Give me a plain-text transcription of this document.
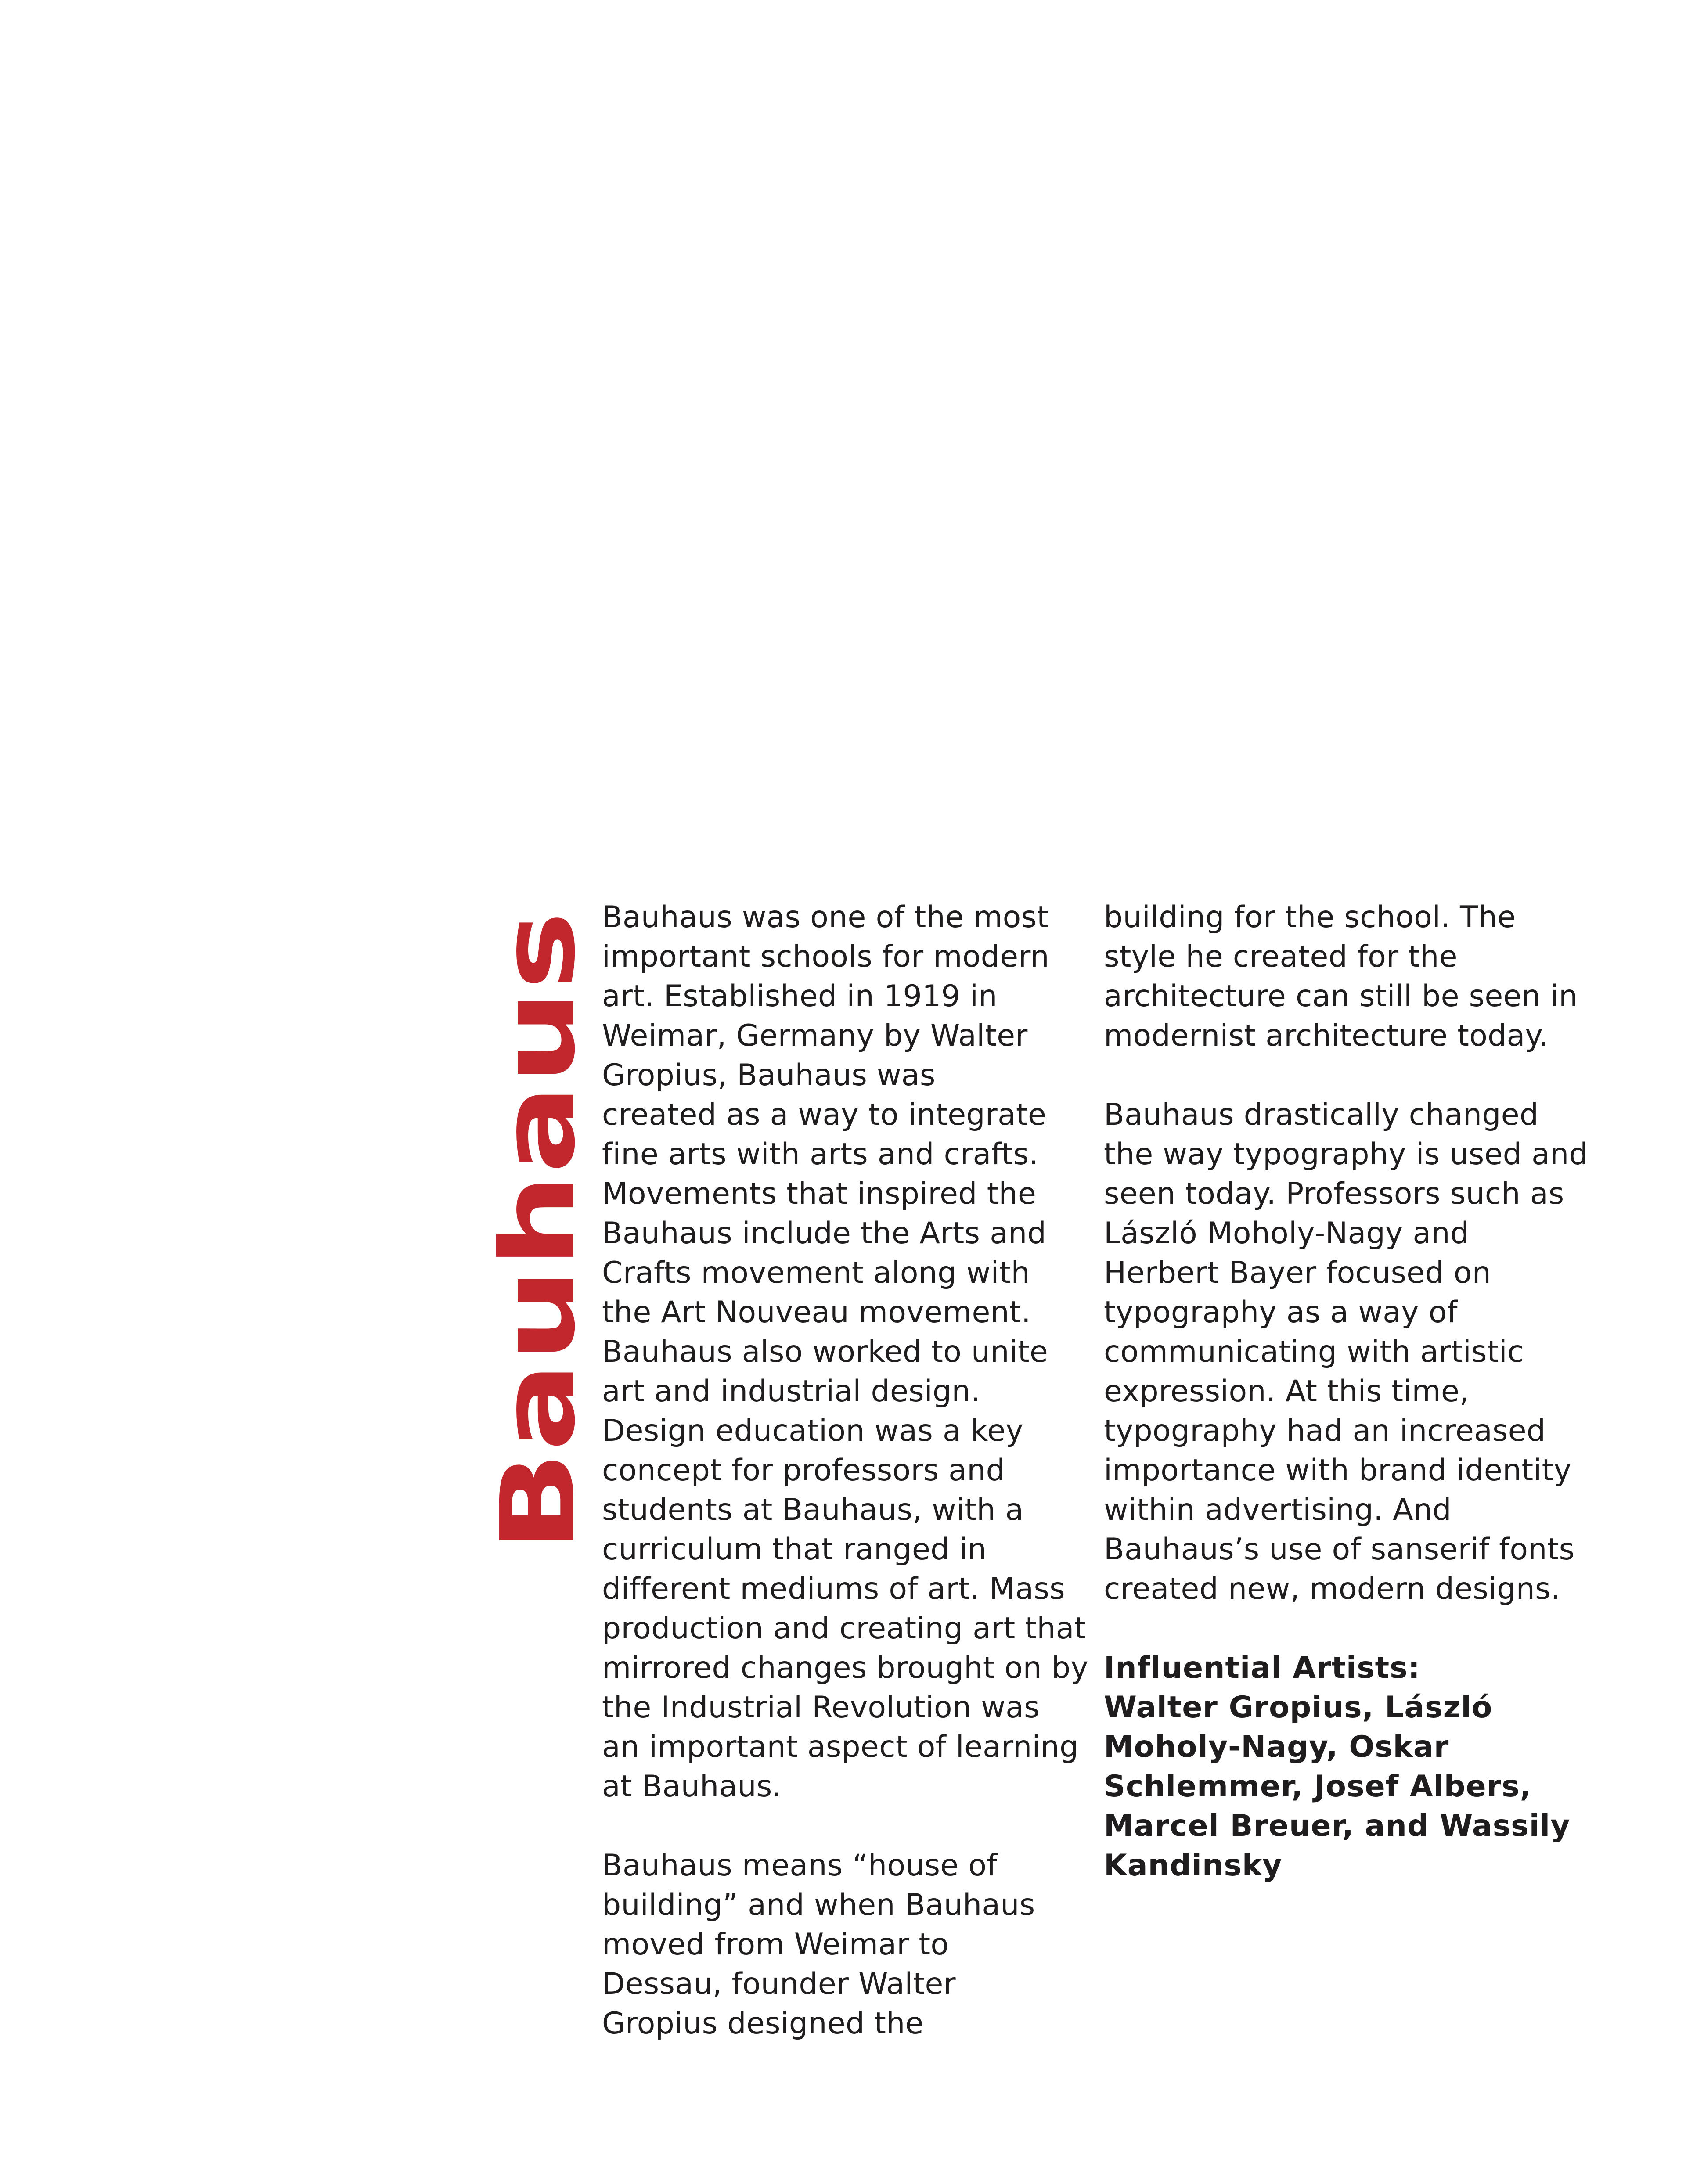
Bauhaus
Bauhaus was one of the most
important schools for modern
art. Established in 1919 in
Weimar, Germany by Walter
Gropius, Bauhaus was
created as a way to integrate
fine arts with arts and crafts.
Movements that inspired the
Bauhaus include the Arts and
Crafts movement along with
the Art Nouveau movement.
Bauhaus also worked to unite
art and industrial design.
Design education was a key
concept for professors and
students at Bauhaus, with a
curriculum that ranged in
different mediums of art. Mass
production and creating art that
mirrored changes brought on by
the Industrial Revolution was
an important aspect of learning
at Bauhaus.
Bauhaus means “house of
building” and when Bauhaus
moved from Weimar to
Dessau, founder Walter
Gropius designed the
building for the school. The
style he created for the
architecture can still be seen in
modernist architecture today.
Bauhaus drastically changed
the way typography is used and
seen today. Professors such as
László Moholy-Nagy and
Herbert Bayer focused on
typography as a way of
communicating with artistic
expression. At this time,
typography had an increased
importance with brand identity
within advertising. And
Bauhaus’s use of sanserif fonts
created new, modern designs.
Influential Artists:
Walter Gropius, László
Moholy-Nagy, Oskar
Schlemmer, Josef Albers,
Marcel Breuer, and Wassily
Kandinsky
